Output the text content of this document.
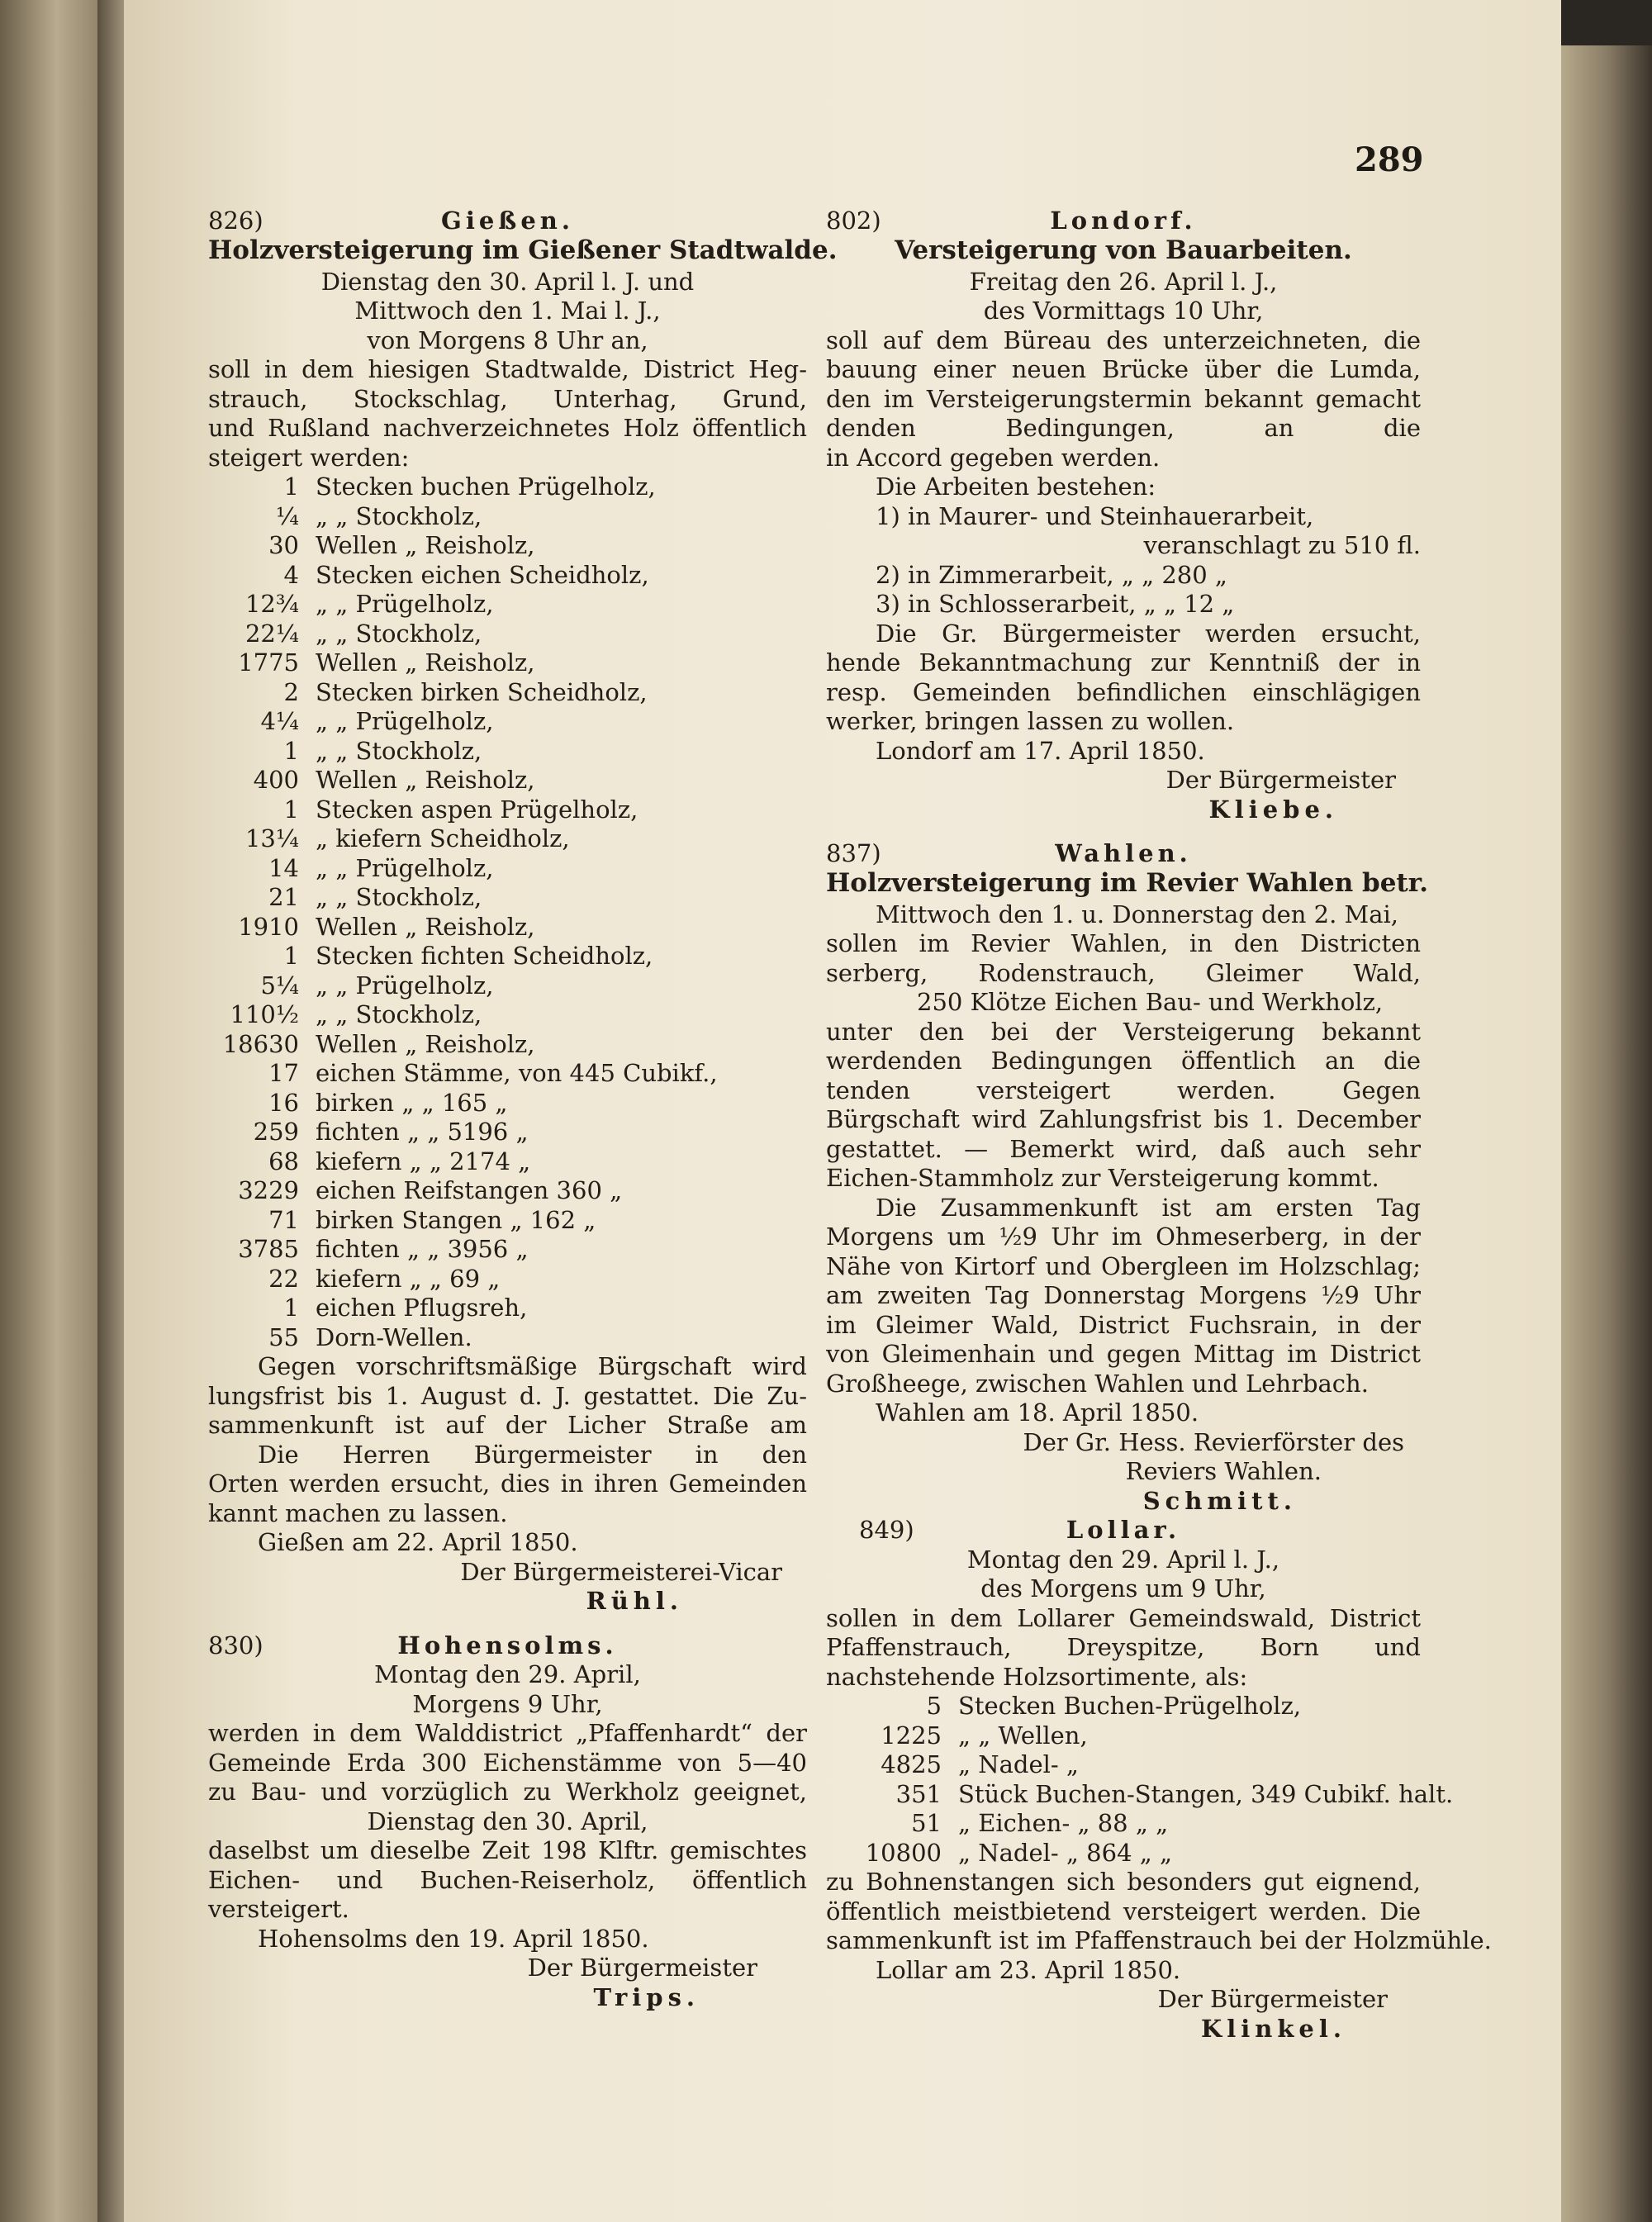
289
826)	Gießen.
Holzversteigerung im Gießener Stadtwalde.
Dienstag den 30. April l. J. und
Mittwoch den 1. Mai l. J.,
von Morgens 8 Uhr an,
soll in dem hiesigen Stadtwalde, District Heg-
strauch, Stockschlag, Unterhag, Grund,
und Rußland nachverzeichnetes Holz öffentlich
steigert werden:
1 Stecken buchen Prügelholz,
¼ „ „ Stockholz,
30 Wellen „ Reisholz,
4 Stecken eichen Scheidholz,
12¾ „ „ Prügelholz,
22¼ „ „ Stockholz,
1775 Wellen „ Reisholz,
2 Stecken birken Scheidholz,
4¼ „ „ Prügelholz,
1 „ „ Stockholz,
400 Wellen „ Reisholz,
1 Stecken aspen Prügelholz,
13¼ „ kiefern Scheidholz,
14 „ „ Prügelholz,
21 „ „ Stockholz,
1910 Wellen „ Reisholz,
1 Stecken fichten Scheidholz,
5¼ „ „ Prügelholz,
110½ „ „ Stockholz,
18630 Wellen „ Reisholz,
17 eichen Stämme, von 445 Cubikf.,
16 birken „ „ 165 „
259 fichten „ „ 5196 „
68 kiefern „ „ 2174 „
3229 eichen Reifstangen 360 „
71 birken Stangen „ 162 „
3785 fichten „ „ 3956 „
22 kiefern „ „ 69 „
1 eichen Pflugsreh,
55 Dorn-Wellen.
Gegen vorschriftsmäßige Bürgschaft wird
lungsfrist bis 1. August d. J. gestattet. Die Zu-
sammenkunft ist auf der Licher Straße am
Die Herren Bürgermeister in den
Orten werden ersucht, dies in ihren Gemeinden
kannt machen zu lassen.
Gießen am 22. April 1850.
Der Bürgermeisterei-Vicar
Rühl.
830)	Hohensolms.
Montag den 29. April,
Morgens 9 Uhr,
werden in dem Walddistrict „Pfaffenhardt“ der
Gemeinde Erda 300 Eichenstämme von 5—40
zu Bau- und vorzüglich zu Werkholz geeignet,
Dienstag den 30. April,
daselbst um dieselbe Zeit 198 Klftr. gemischtes
Eichen- und Buchen-Reiserholz, öffentlich
versteigert.
Hohensolms den 19. April 1850.
Der Bürgermeister
Trips.
802)	Londorf.
Versteigerung von Bauarbeiten.
Freitag den 26. April l. J.,
des Vormittags 10 Uhr,
soll auf dem Büreau des unterzeichneten, die
bauung einer neuen Brücke über die Lumda,
den im Versteigerungstermin bekannt gemacht
denden Bedingungen, an die
in Accord gegeben werden.
Die Arbeiten bestehen:
1) in Maurer- und Steinhauerarbeit,
veranschlagt zu 510 fl.
2) in Zimmerarbeit, „ „ 280 „
3) in Schlosserarbeit, „ „ 12 „
Die Gr. Bürgermeister werden ersucht,
hende Bekanntmachung zur Kenntniß der in
resp. Gemeinden befindlichen einschlägigen
werker, bringen lassen zu wollen.
Londorf am 17. April 1850.
Der Bürgermeister
Kliebe.
837)	Wahlen.
Holzversteigerung im Revier Wahlen betr.
Mittwoch den 1. u. Donnerstag den 2. Mai,
sollen im Revier Wahlen, in den Districten
serberg, Rodenstrauch, Gleimer Wald,
250 Klötze Eichen Bau- und Werkholz,
unter den bei der Versteigerung bekannt
werdenden Bedingungen öffentlich an die
tenden versteigert werden. Gegen
Bürgschaft wird Zahlungsfrist bis 1. December
gestattet. — Bemerkt wird, daß auch sehr
Eichen-Stammholz zur Versteigerung kommt.
Die Zusammenkunft ist am ersten Tag
Morgens um ½9 Uhr im Ohmeserberg, in der
Nähe von Kirtorf und Obergleen im Holzschlag;
am zweiten Tag Donnerstag Morgens ½9 Uhr
im Gleimer Wald, District Fuchsrain, in der
von Gleimenhain und gegen Mittag im District
Großheege, zwischen Wahlen und Lehrbach.
Wahlen am 18. April 1850.
Der Gr. Hess. Revierförster des
Reviers Wahlen.
Schmitt.
849)	Lollar.
Montag den 29. April l. J.,
des Morgens um 9 Uhr,
sollen in dem Lollarer Gemeindswald, District
Pfaffenstrauch, Dreyspitze, Born und
nachstehende Holzsortimente, als:
5 Stecken Buchen-Prügelholz,
1225 „ „ Wellen,
4825 „ Nadel- „
351 Stück Buchen-Stangen, 349 Cubikf. halt.
51 „ Eichen- „ 88 „ „
10800 „ Nadel- „ 864 „ „
zu Bohnenstangen sich besonders gut eignend,
öffentlich meistbietend versteigert werden. Die
sammenkunft ist im Pfaffenstrauch bei der Holzmühle.
Lollar am 23. April 1850.
Der Bürgermeister
Klinkel.
